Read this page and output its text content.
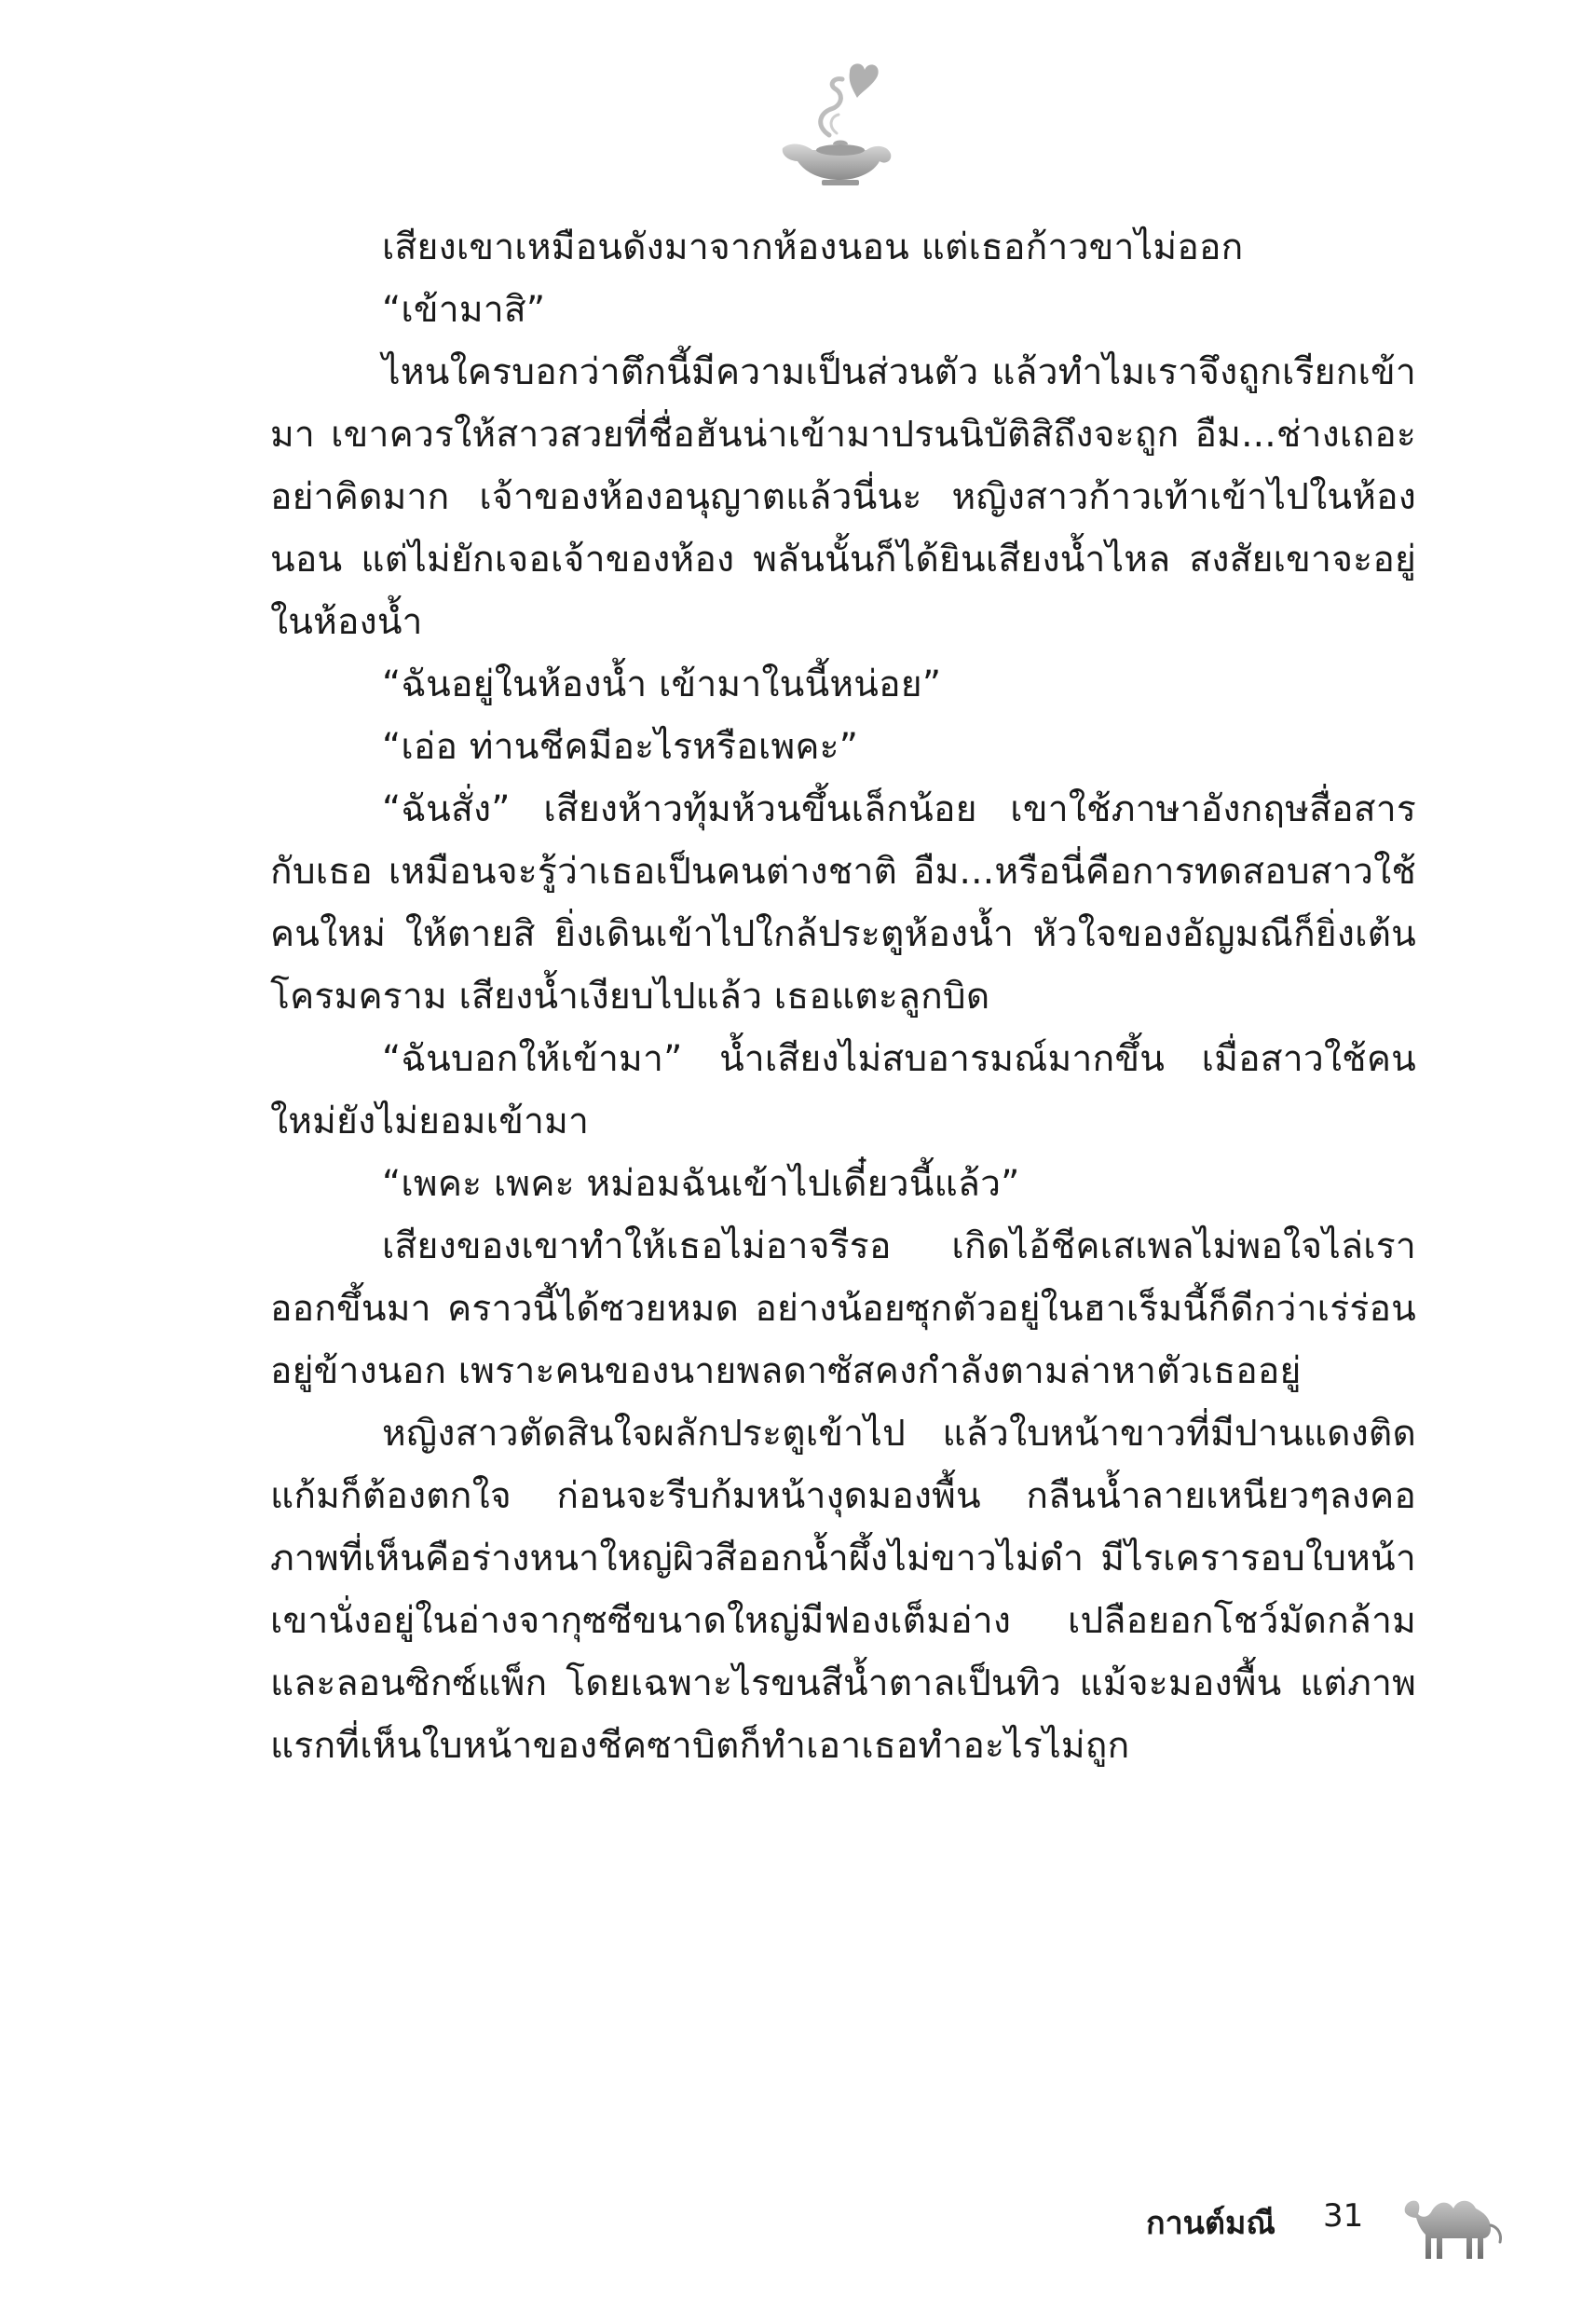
เสียงเขาเหมือนดังมาจากห้องนอน แต่เธอก้าวขาไม่ออก

“เข้ามาสิ”

ไหนใครบอกว่าตึกนี้มีความเป็นส่วนตัว แล้วทำไมเราจึงถูกเรียกเข้ามา เขาควรให้สาวสวยที่ชื่อฮันน่าเข้ามาปรนนิบัติสิถึงจะถูก อืม...ช่างเถอะ อย่าคิดมาก เจ้าของห้องอนุญาตแล้วนี่นะ หญิงสาวก้าวเท้าเข้าไปในห้องนอน แต่ไม่ยักเจอเจ้าของห้อง พลันนั้นก็ได้ยินเสียงน้ำไหล สงสัยเขาจะอยู่ในห้องน้ำ

“ฉันอยู่ในห้องน้ำ เข้ามาในนี้หน่อย”

“เอ่อ ท่านชีคมีอะไรหรือเพคะ”

“ฉันสั่ง” เสียงห้าวทุ้มห้วนขึ้นเล็กน้อย เขาใช้ภาษาอังกฤษสื่อสารกับเธอ เหมือนจะรู้ว่าเธอเป็นคนต่างชาติ อืม...หรือนี่คือการทดสอบสาวใช้คนใหม่ ให้ตายสิ ยิ่งเดินเข้าไปใกล้ประตูห้องน้ำ หัวใจของอัญมณีก็ยิ่งเต้นโครมคราม เสียงน้ำเงียบไปแล้ว เธอแตะลูกบิด

“ฉันบอกให้เข้ามา” น้ำเสียงไม่สบอารมณ์มากขึ้น เมื่อสาวใช้คนใหม่ยังไม่ยอมเข้ามา

“เพคะ เพคะ หม่อมฉันเข้าไปเดี๋ยวนี้แล้ว”

เสียงของเขาทำให้เธอไม่อาจรีรอ เกิดไอ้ชีคเสเพลไม่พอใจไล่เราออกขึ้นมา คราวนี้ได้ซวยหมด อย่างน้อยซุกตัวอยู่ในฮาเร็มนี้ก็ดีกว่าเร่ร่อนอยู่ข้างนอก เพราะคนของนายพลดาซัสคงกำลังตามล่าหาตัวเธออยู่

หญิงสาวตัดสินใจผลักประตูเข้าไป แล้วใบหน้าขาวที่มีปานแดงติดแก้มก็ต้องตกใจ ก่อนจะรีบก้มหน้างุดมองพื้น กลืนน้ำลายเหนียวๆลงคอ ภาพที่เห็นคือร่างหนาใหญ่ผิวสีออกน้ำผึ้งไม่ขาวไม่ดำ มีไรเครารอบใบหน้า เขานั่งอยู่ในอ่างจากุซซีขนาดใหญ่มีฟองเต็มอ่าง เปลือยอกโชว์มัดกล้ามและลอนซิกซ์แพ็ก โดยเฉพาะไรขนสีน้ำตาลเป็นทิว แม้จะมองพื้น แต่ภาพแรกที่เห็นใบหน้าของชีคซาบิตก็ทำเอาเธอทำอะไรไม่ถูก

กานต์มณี 31
